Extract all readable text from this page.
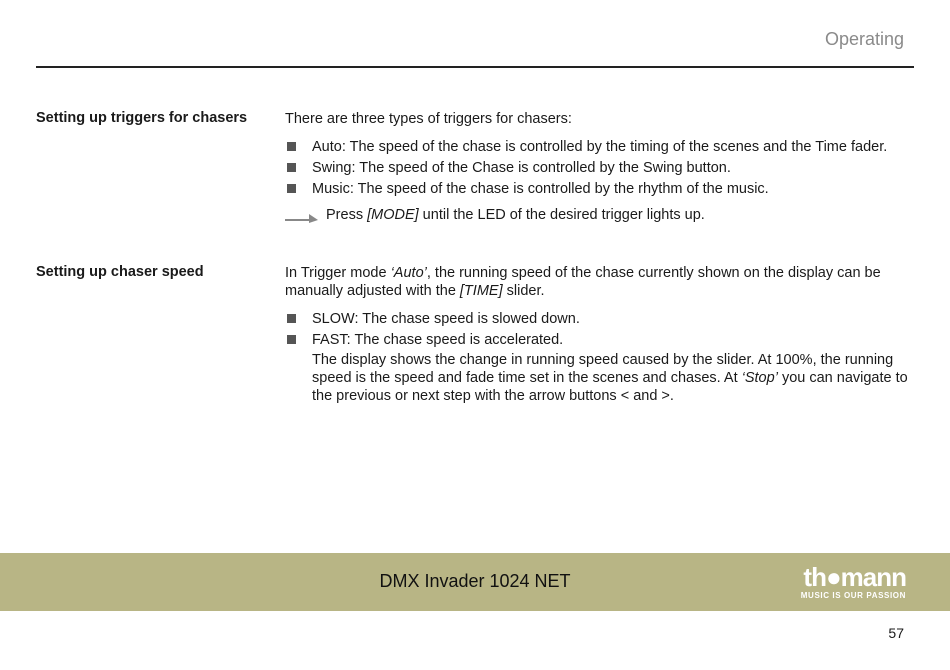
Operating
Setting up triggers for chasers	There are three types of triggers for chasers:
Auto: The speed of the chase is controlled by the timing of the scenes and the Time fader.
Swing: The speed of the Chase is controlled by the Swing button.
Music: The speed of the chase is controlled by the rhythm of the music.
Press [MODE] until the LED of the desired trigger lights up.
Setting up chaser speed	In Trigger mode ‘Auto’, the running speed of the chase currently shown on the display can be manually adjusted with the [TIME] slider.
SLOW: The chase speed is slowed down.
FAST: The chase speed is accelerated.
The display shows the change in running speed caused by the slider. At 100%, the running speed is the speed and fade time set in the scenes and chases. At ‘Stop’ you can navigate to the previous or next step with the arrow buttons < and >.
DMX Invader 1024 NET	th●mann
MUSIC IS OUR PASSION
57
